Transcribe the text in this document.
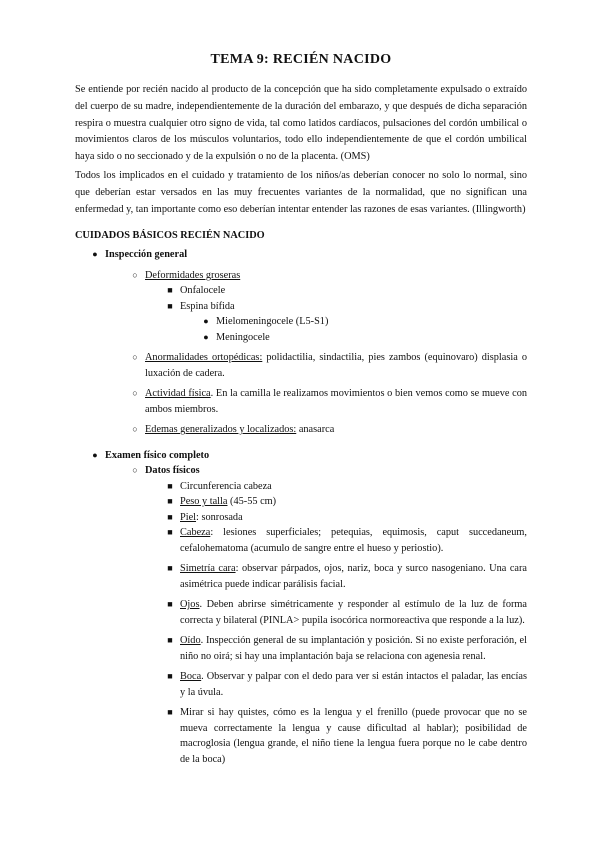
TEMA 9: RECIÉN NACIDO

Se entiende por recién nacido al producto de la concepción que ha sido completamente expulsado o extraído del cuerpo de su madre, independientemente de la duración del embarazo, y que después de dicha separación respira o muestra cualquier otro signo de vida, tal como latidos cardíacos, pulsaciones del cordón umbilical o movimientos claros de los músculos voluntarios, todo ello independientemente de que el cordón umbilical haya sido o no seccionado y de la expulsión o no de la placenta. (OMS)

Todos los implicados en el cuidado y tratamiento de los niños/as deberían conocer no solo lo normal, sino que deberían estar versados en las muy frecuentes variantes de la normalidad, que no significan una enfermedad y, tan importante como eso deberían intentar entender las razones de esas variantes. (Illingworth)

CUIDADOS BÁSICOS RECIÉN NACIDO
● Inspección general
○ Deformidades groseras
■ Onfalocele
■ Espina bífida
● Mielomeningocele (L5-S1)
● Meningocele
○ Anormalidades ortopédicas: polidactilia, sindactilia, pies zambos (equinovaro) displasia o luxación de cadera.
○ Actividad física. En la camilla le realizamos movimientos o bien vemos como se mueve con ambos miembros.
○ Edemas generalizados y localizados: anasarca
● Examen físico completo
○ Datos físicos
■ Circunferencia cabeza
■ Peso y talla (45-55 cm)
■ Piel: sonrosada
■ Cabeza: lesiones superficiales; petequias, equimosis, caput succedaneum, cefalohematoma (acumulo de sangre entre el hueso y periostio).
■ Simetría cara: observar párpados, ojos, nariz, boca y surco nasogeniano. Una cara asimétrica puede indicar parálisis facial.
■ Ojos. Deben abrirse simétricamente y responder al estímulo de la luz de forma correcta y bilateral (PINLA> pupila isocórica normoreactiva que responde a la luz).
■ Oído. Inspección general de su implantación y posición. Si no existe perforación, el niño no oirá; si hay una implantación baja se relaciona con agenesia renal.
■ Boca. Observar y palpar con el dedo para ver si están intactos el paladar, las encías y la úvula.
■ Mirar si hay quistes, cómo es la lengua y el frenillo (puede provocar que no se mueva correctamente la lengua y cause dificultad al hablar); posibilidad de macroglosia (lengua grande, el niño tiene la lengua fuera porque no le cabe dentro de la boca)
